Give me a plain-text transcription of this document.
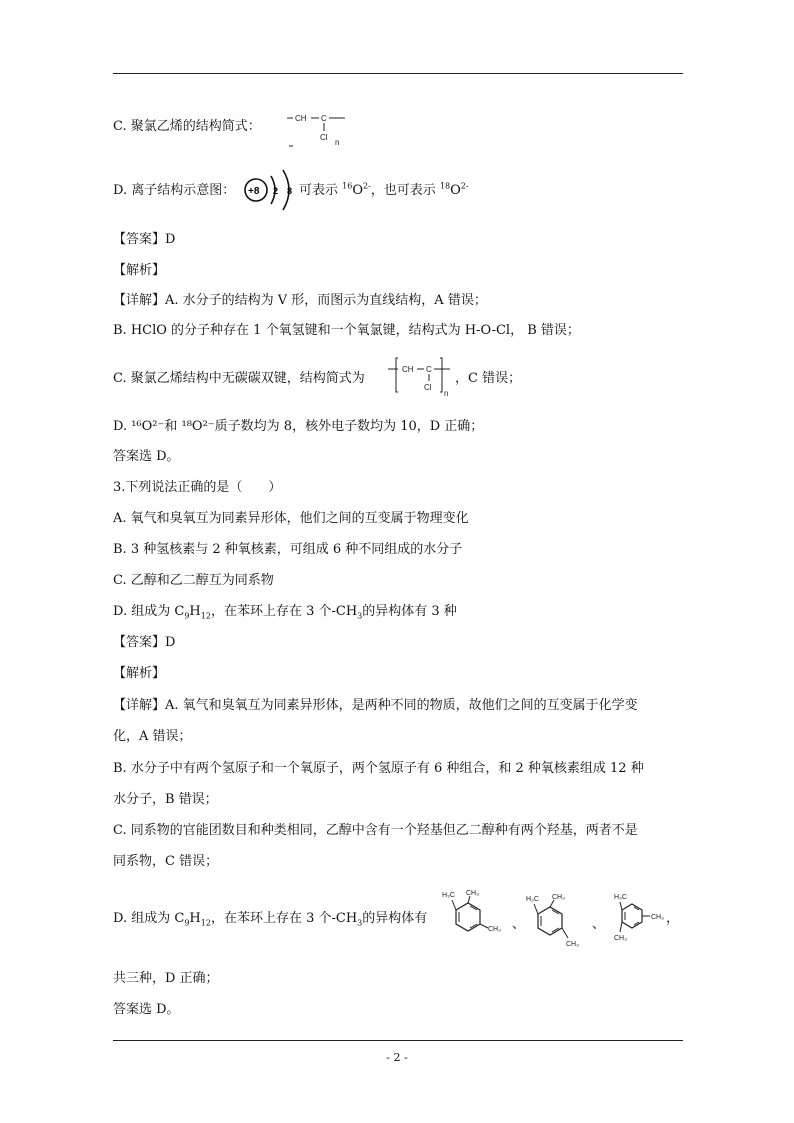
C. 聚氯乙烯的结构简式：
CH C
Cl
n
D. 离子结构示意图： +8 2 8 可表示 $^{16}O^{2-}$，也可表示 $^{18}O^{2-}$
【答案】D
【解析】
【详解】A. 水分子的结构为 V 形，而图示为直线结构，A 错误；
B. HClO 的分子种存在 1 个氧氢键和一个氧氯键，结构式为 H-O-Cl， B 错误；
C. 聚氯乙烯结构中无碳碳双键，结构简式为
CH C
Cl
n
，C 错误；
D. ¹⁶O²⁻和 ¹⁸O²⁻质子数均为 8，核外电子数均为 10，D 正确；
答案选 D。
3.下列说法正确的是（　　）
A. 氧气和臭氧互为同素异形体，他们之间的互变属于物理变化
B. 3 种氢核素与 2 种氧核素，可组成 6 种不同组成的水分子
C. 乙醇和乙二醇互为同系物
D. 组成为 $C_9H_{12}$，在苯环上存在 3 个$-CH_3$的异构体有 3 种
【答案】D
【解析】
【详解】A. 氧气和臭氧互为同素异形体，是两种不同的物质，故他们之间的互变属于化学变
化，A 错误；
B. 水分子中有两个氢原子和一个氧原子，两个氢原子有 6 种组合，和 2 种氧核素组成 12 种
水分子，B 错误；
C. 同系物的官能团数目和种类相同，乙醇中含有一个羟基但乙二醇种有两个羟基，两者不是
同系物，C 错误；
D. 组成为 $C_9H_{12}$，在苯环上存在 3 个$-CH_3$的异构体有
H₃C CH₃
CH₃ 、
H₃C CH₃
CH₃
、
H₃C
CH₃
CH₃
，
共三种，D 正确；
答案选 D。
- 2 -
